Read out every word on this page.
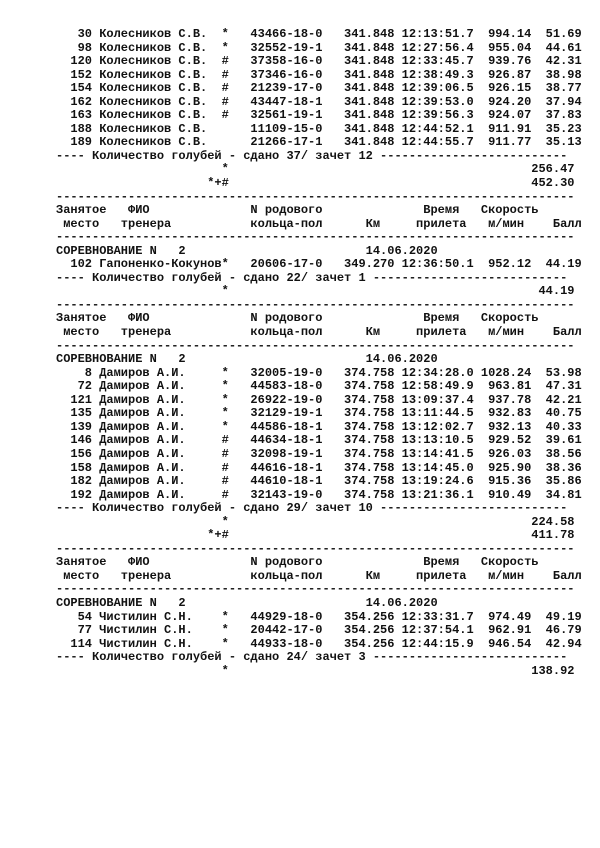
30 Колесников С.В.  *   43466-18-0   341.848 12:13:51.7  994.14  51.69
98 Колесников С.В.  *   32552-19-1   341.848 12:27:56.4  955.04  44.61
120 Колесников С.В.  #   37358-16-0   341.848 12:33:45.7  939.76  42.31
152 Колесников С.В.  #   37346-16-0   341.848 12:38:49.3  926.87  38.98
154 Колесников С.В.  #   21239-17-0   341.848 12:39:06.5  926.15  38.77
162 Колесников С.В.  #   43447-18-1   341.848 12:39:53.0  924.20  37.94
163 Колесников С.В.  #   32561-19-1   341.848 12:39:56.3  924.07  37.83
188 Колесников С.В.      11109-15-0   341.848 12:44:52.1  911.91  35.23
189 Колесников С.В.      21266-17-1   341.848 12:44:55.7  911.77  35.13
---- Количество голубей - сдано 37/ зачет 12 --------------------------
*                                          256.47
*+#                                          452.30
------------------------------------------------------------------------
Занятое   ФИО              N родового              Время   Скорость
место   тренера           кольца-пол      Км     прилета   м/мин    Балл
------------------------------------------------------------------------
СОРЕВНОВАНИЕ N   2                         14.06.2020
102 Гапоненко-Кокунов*   20606-17-0   349.270 12:36:50.1  952.12  44.19
---- Количество голубей - сдано 22/ зачет 1 ---------------------------
*                                           44.19
------------------------------------------------------------------------
Занятое   ФИО              N родового              Время   Скорость
место   тренера           кольца-пол      Км     прилета   м/мин    Балл
------------------------------------------------------------------------
СОРЕВНОВАНИЕ N   2                         14.06.2020
8 Дамиров А.И.     *   32005-19-0   374.758 12:34:28.0 1028.24  53.98
72 Дамиров А.И.     *   44583-18-0   374.758 12:58:49.9  963.81  47.31
121 Дамиров А.И.     *   26922-19-0   374.758 13:09:37.4  937.78  42.21
135 Дамиров А.И.     *   32129-19-1   374.758 13:11:44.5  932.83  40.75
139 Дамиров А.И.     *   44586-18-1   374.758 13:12:02.7  932.13  40.33
146 Дамиров А.И.     #   44634-18-1   374.758 13:13:10.5  929.52  39.61
156 Дамиров А.И.     #   32098-19-1   374.758 13:14:41.5  926.03  38.56
158 Дамиров А.И.     #   44616-18-1   374.758 13:14:45.0  925.90  38.36
182 Дамиров А.И.     #   44610-18-1   374.758 13:19:24.6  915.36  35.86
192 Дамиров А.И.     #   32143-19-0   374.758 13:21:36.1  910.49  34.81
---- Количество голубей - сдано 29/ зачет 10 --------------------------
*                                          224.58
*+#                                          411.78
------------------------------------------------------------------------
Занятое   ФИО              N родового              Время   Скорость
место   тренера           кольца-пол      Км     прилета   м/мин    Балл
------------------------------------------------------------------------
СОРЕВНОВАНИЕ N   2                         14.06.2020
54 Чистилин С.Н.    *   44929-18-0   354.256 12:33:31.7  974.49  49.19
77 Чистилин С.Н.    *   20442-17-0   354.256 12:37:54.1  962.91  46.79
114 Чистилин С.Н.    *   44933-18-0   354.256 12:44:15.9  946.54  42.94
---- Количество голубей - сдано 24/ зачет 3 ---------------------------
*                                          138.92
